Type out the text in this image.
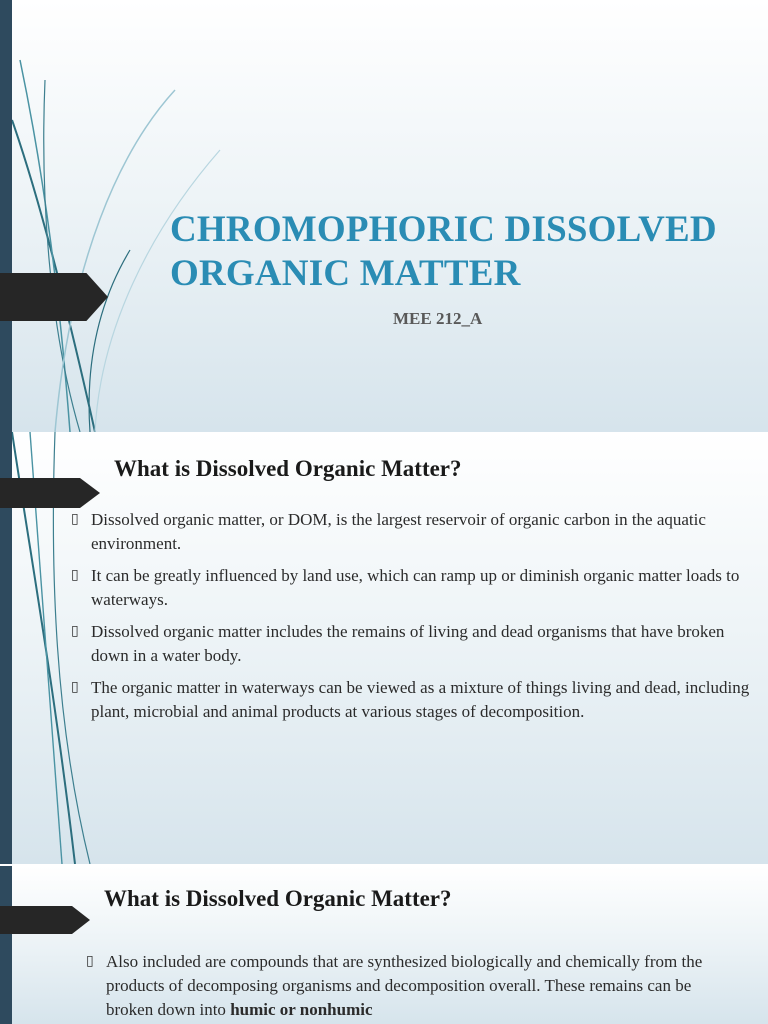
CHROMOPHORIC DISSOLVED ORGANIC MATTER
MEE 212_A
What is Dissolved Organic Matter?
▯ Dissolved organic matter, or DOM, is the largest reservoir of organic carbon in the aquatic environment.
▯ It can be greatly influenced by land use, which can ramp up or diminish organic matter loads to waterways.
▯ Dissolved organic matter includes the remains of living and dead organisms that have broken down in a water body.
▯ The organic matter in waterways can be viewed as a mixture of things living and dead, including plant, microbial and animal products at various stages of decomposition.
What is Dissolved Organic Matter?
▯ Also included are compounds that are synthesized biologically and chemically from the products of decomposing organisms and decomposition overall. These remains can be broken down into humic or nonhumic
